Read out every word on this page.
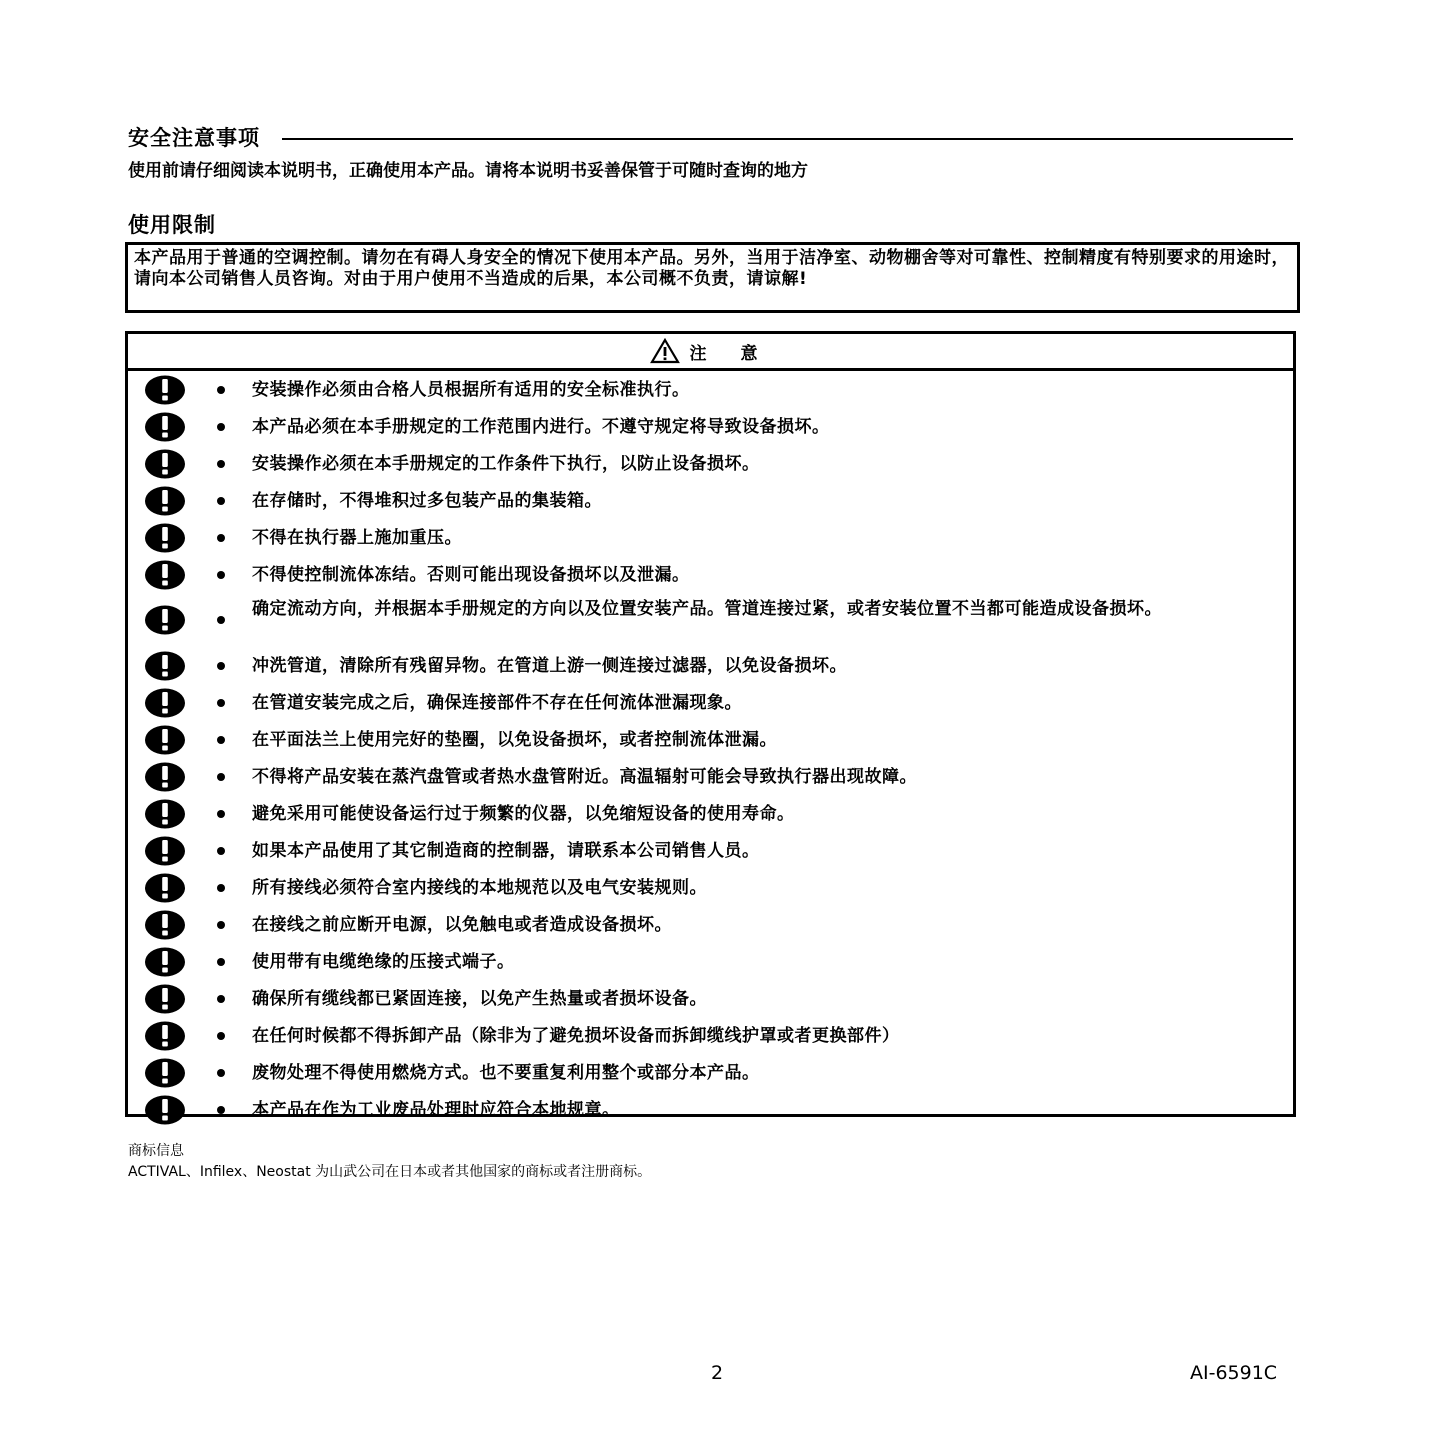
安全注意事项
使用前请仔细阅读本说明书，正确使用本产品。请将本说明书妥善保管于可随时查询的地方
使用限制
本产品用于普通的空调控制。请勿在有碍人身安全的情况下使用本产品。另外，当用于洁净室、动物棚舍等对可靠性、控制精度有特别要求的用途时，请向本公司销售人员咨询。对由于用户使用不当造成的后果，本公司概不负责，请谅解!
注 意
安装操作必须由合格人员根据所有适用的安全标准执行。
本产品必须在本手册规定的工作范围内进行。不遵守规定将导致设备损坏。
安装操作必须在本手册规定的工作条件下执行，以防止设备损坏。
在存储时，不得堆积过多包装产品的集装箱。
不得在执行器上施加重压。
不得使控制流体冻结。否则可能出现设备损坏以及泄漏。
确定流动方向，并根据本手册规定的方向以及位置安装产品。管道连接过紧，或者安装位置不当都可能造成设备损坏。
冲洗管道，清除所有残留异物。在管道上游一侧连接过滤器，以免设备损坏。
在管道安装完成之后，确保连接部件不存在任何流体泄漏现象。
在平面法兰上使用完好的垫圈，以免设备损坏，或者控制流体泄漏。
不得将产品安装在蒸汽盘管或者热水盘管附近。高温辐射可能会导致执行器出现故障。
避免采用可能使设备运行过于频繁的仪器，以免缩短设备的使用寿命。
如果本产品使用了其它制造商的控制器，请联系本公司销售人员。
所有接线必须符合室内接线的本地规范以及电气安装规则。
在接线之前应断开电源，以免触电或者造成设备损坏。
使用带有电缆绝缘的压接式端子。
确保所有缆线都已紧固连接，以免产生热量或者损坏设备。
在任何时候都不得拆卸产品（除非为了避免损坏设备而拆卸缆线护罩或者更换部件）
废物处理不得使用燃烧方式。也不要重复利用整个或部分本产品。
本产品在作为工业废品处理时应符合本地规章。
商标信息
ACTIVAL、Infilex、Neostat 为山武公司在日本或者其他国家的商标或者注册商标。
2	AI-6591C
